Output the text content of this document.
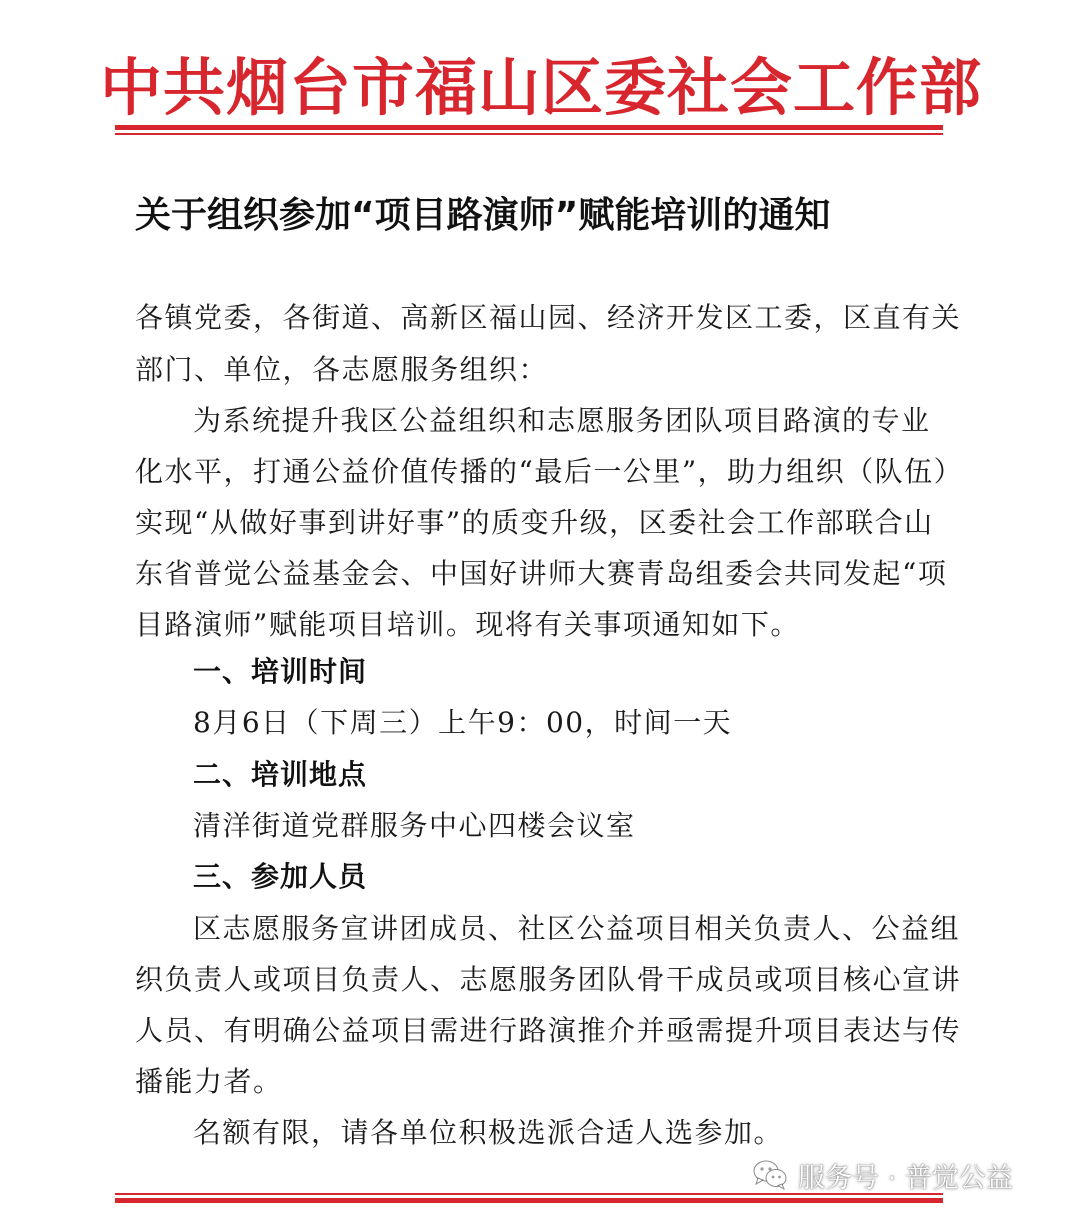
中共烟台市福山区委社会工作部
关于组织参加“项目路演师”赋能培训的通知
各镇党委，各街道、高新区福山园、经济开发区工委，区直有关
部门、单位，各志愿服务组织：
为系统提升我区公益组织和志愿服务团队项目路演的专业
化水平，打通公益价值传播的“最后一公里”，助力组织（队伍）
实现“从做好事到讲好事”的质变升级，区委社会工作部联合山
东省普觉公益基金会、中国好讲师大赛青岛组委会共同发起“项
目路演师”赋能项目培训。现将有关事项通知如下。
一、培训时间
8月6日（下周三）上午9：00，时间一天
二、培训地点
清洋街道党群服务中心四楼会议室
三、参加人员
区志愿服务宣讲团成员、社区公益项目相关负责人、公益组
织负责人或项目负责人、志愿服务团队骨干成员或项目核心宣讲
人员、有明确公益项目需进行路演推介并亟需提升项目表达与传
播能力者。
名额有限，请各单位积极选派合适人选参加。
服务号 · 普觉公益
